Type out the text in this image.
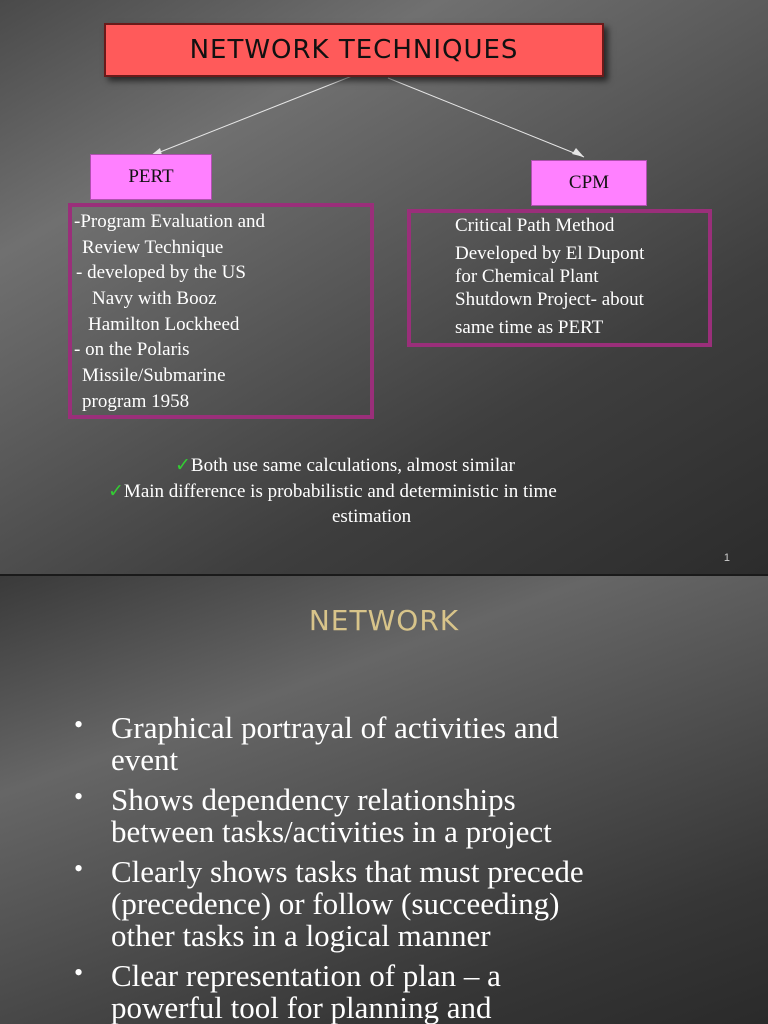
NETWORK TECHNIQUES
PERT	CPM
-Program Evaluation and
Review Technique
- developed by the US
Navy with Booz
Hamilton Lockheed
- on the Polaris
Missile/Submarine
program 1958
Critical Path Method
Developed by El Dupont
for Chemical Plant
Shutdown Project- about
same time as PERT
✓Both use same calculations, almost similar
✓Main difference is probabilistic and deterministic in time
estimation
1
NETWORK
• Graphical portrayal of activities and
event
• Shows dependency relationships
between tasks/activities in a project
• Clearly shows tasks that must precede
(precedence) or follow (succeeding)
other tasks in a logical manner
• Clear representation of plan – a
powerful tool for planning and
